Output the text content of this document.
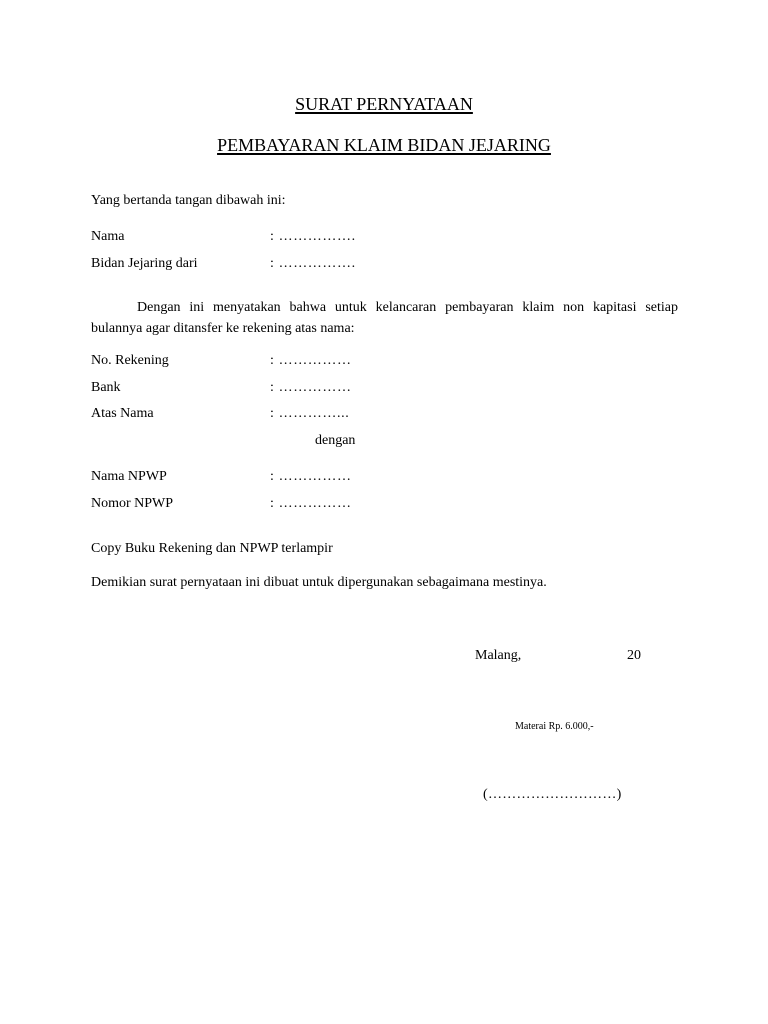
SURAT PERNYATAAN
PEMBAYARAN KLAIM BIDAN JEJARING
Yang bertanda tangan dibawah ini:
Nama	: …………….
Bidan Jejaring dari	: …………….
Dengan ini menyatakan bahwa untuk kelancaran pembayaran klaim non kapitasi setiap bulannya agar ditansfer ke rekening atas nama:
No. Rekening	: ……………
Bank	: ……………
Atas Nama	: …………...
dengan
Nama NPWP	: ……………
Nomor NPWP	: ……………
Copy Buku Rekening dan NPWP terlampir
Demikian surat pernyataan ini dibuat untuk dipergunakan sebagaimana mestinya.
Malang,	20
Materai Rp. 6.000,-
(………………………)
